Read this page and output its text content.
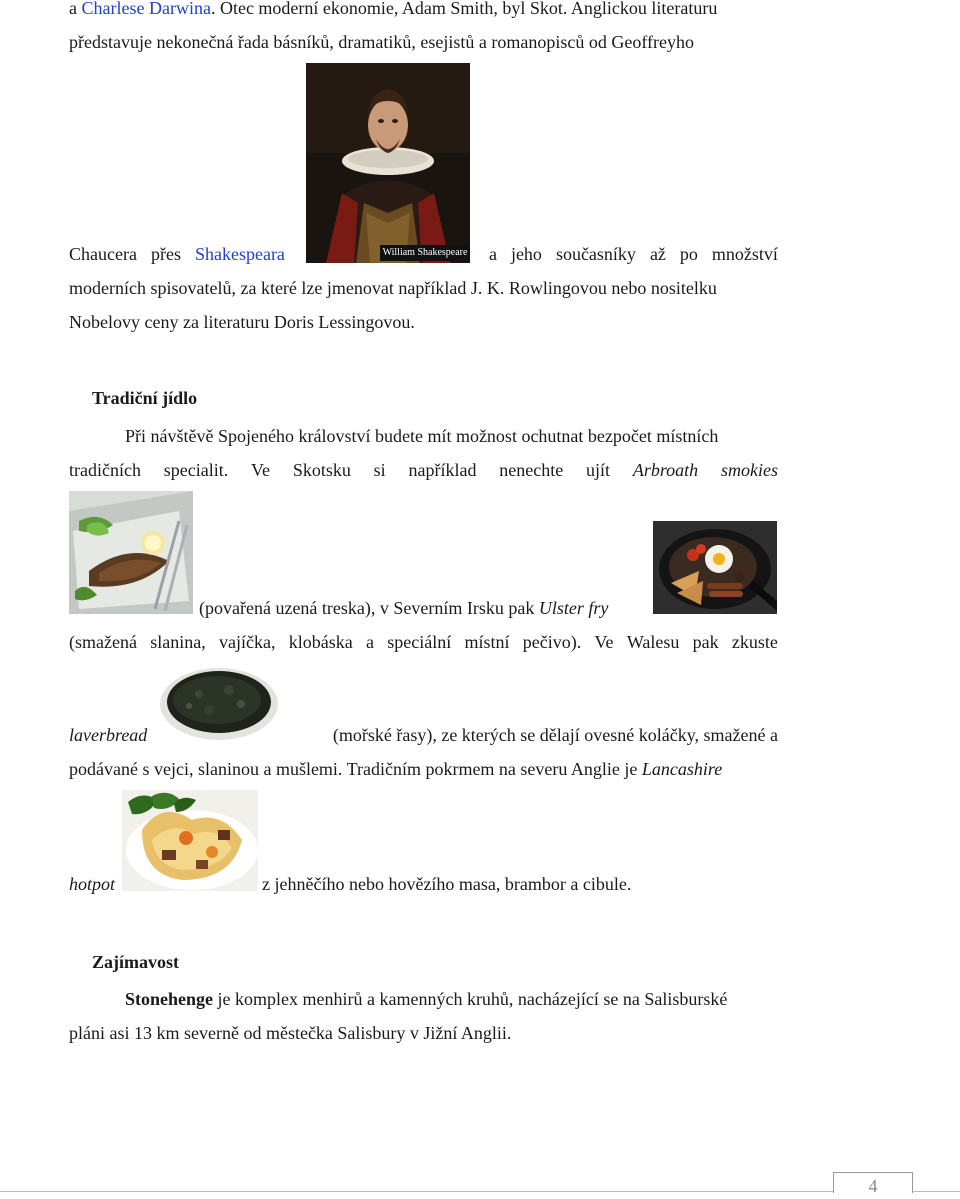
a Charlese Darwina. Otec moderní ekonomie, Adam Smith, byl Skot. Anglickou literaturu
představuje nekonečná řada básníků, dramatiků, esejistů a romanopisců od Geoffreyho
Chaucera přes Shakespeara	a jeho současníky až po množství
moderních spisovatelů, za které lze jmenovat například J. K. Rowlingovou nebo nositelku
Nobelovy ceny za literaturu Doris Lessingovou.
William Shakespeare
Tradiční jídlo
Při návštěvě Spojeného království budete mít možnost ochutnat bezpočet místních
tradičních specialit. Ve Skotsku si například nenechte ujít Arbroath smokies
(povařená uzená treska), v Severním Irsku pak Ulster fry
(smažená slanina, vajíčka, klobáska a speciální místní pečivo). Ve Walesu pak zkuste
laverbread	(mořské řasy), ze kterých se dělají ovesné koláčky, smažené a
podávané s vejci, slaninou a mušlemi. Tradičním pokrmem na severu Anglie je Lancashire
hotpot	z jehněčího nebo hovězího masa, brambor a cibule.
Zajímavost
Stonehenge je komplex menhirů a kamenných kruhů, nacházející se na Salisburské
pláni asi 13 km severně od městečka Salisbury v Jižní Anglii.
4
